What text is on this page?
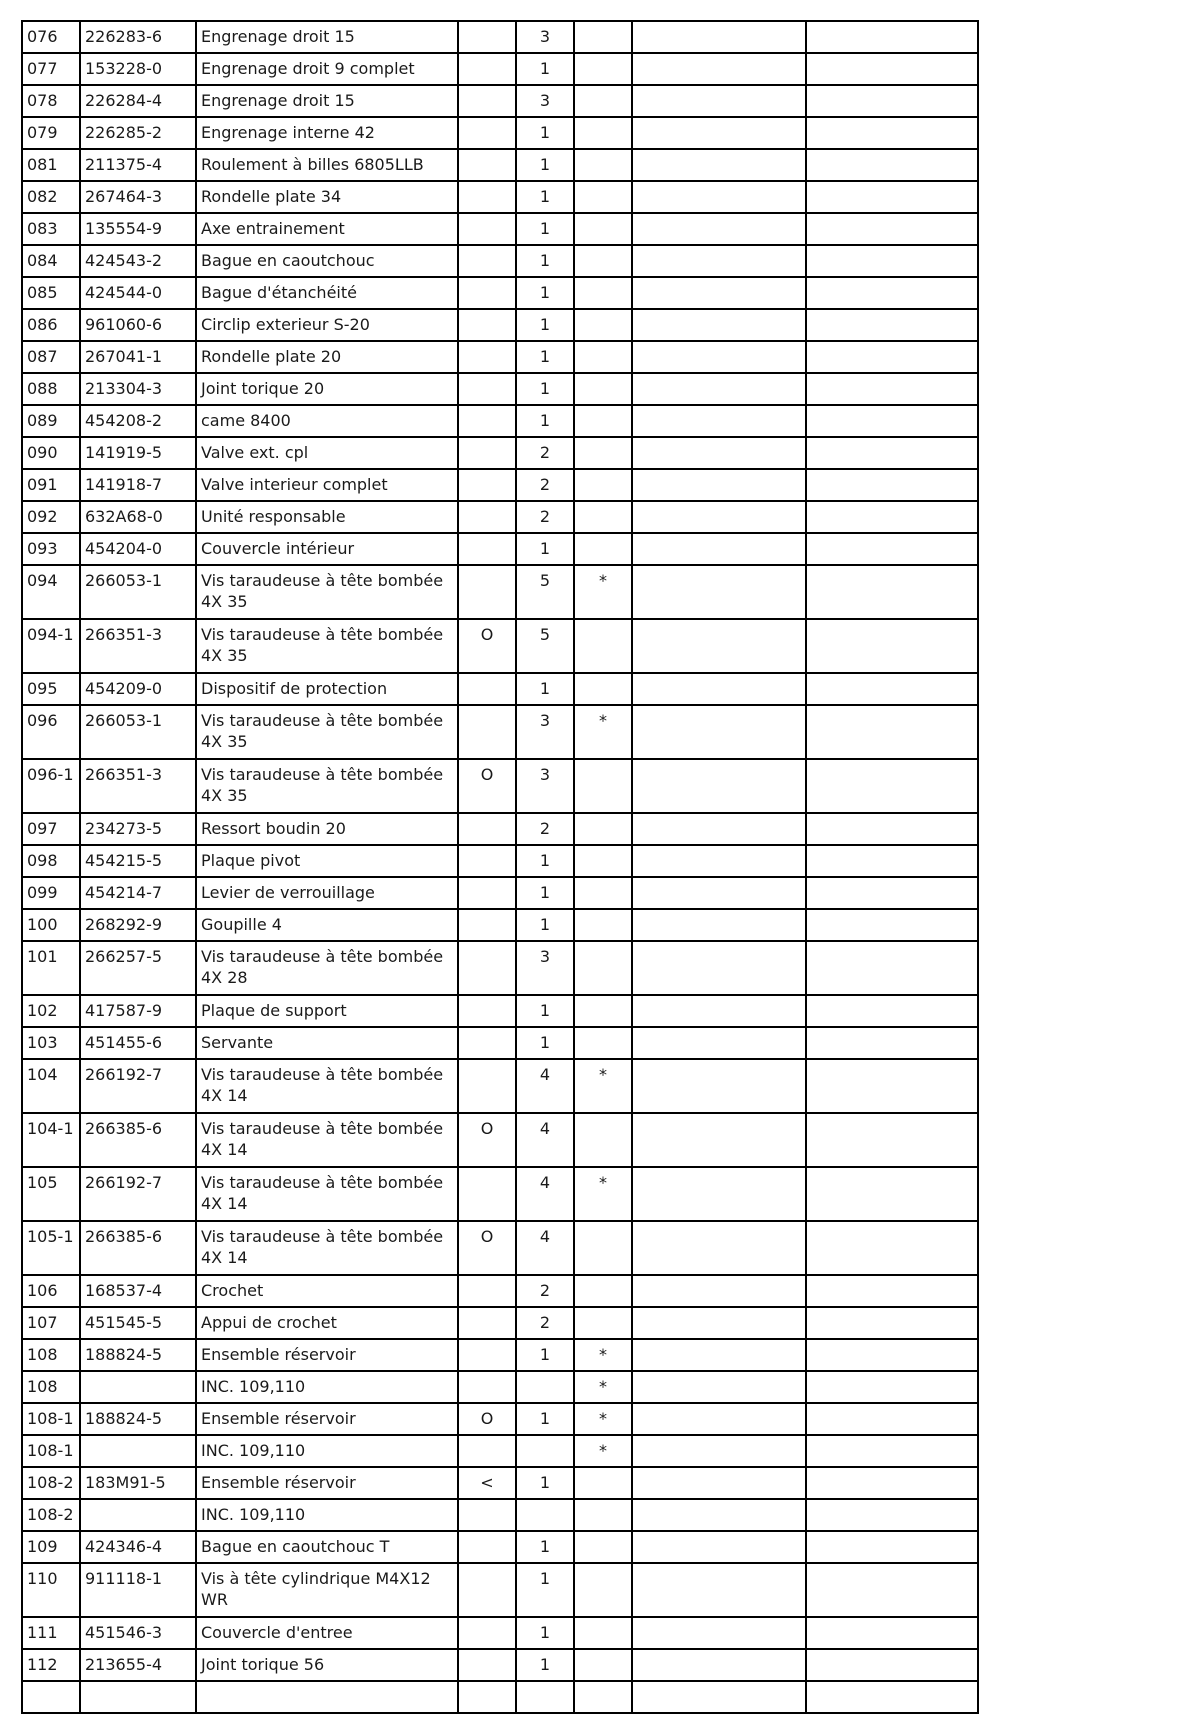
076	226283-6	Engrenage droit 15		3			
077	153228-0	Engrenage droit 9 complet		1			
078	226284-4	Engrenage droit 15		3			
079	226285-2	Engrenage interne 42		1			
081	211375-4	Roulement à billes 6805LLB		1			
082	267464-3	Rondelle plate 34		1			
083	135554-9	Axe entrainement		1			
084	424543-2	Bague en caoutchouc		1			
085	424544-0	Bague d'étanchéité		1			
086	961060-6	Circlip exterieur S-20		1			
087	267041-1	Rondelle plate 20		1			
088	213304-3	Joint torique 20		1			
089	454208-2	came 8400		1			
090	141919-5	Valve ext. cpl		2			
091	141918-7	Valve interieur complet		2			
092	632A68-0	Unité responsable		2			
093	454204-0	Couvercle intérieur		1			
094	266053-1	Vis taraudeuse à tête bombée 4X 35		5	*		
094-1	266351-3	Vis taraudeuse à tête bombée 4X 35	O	5			
095	454209-0	Dispositif de protection		1			
096	266053-1	Vis taraudeuse à tête bombée 4X 35		3	*		
096-1	266351-3	Vis taraudeuse à tête bombée 4X 35	O	3			
097	234273-5	Ressort boudin 20		2			
098	454215-5	Plaque pivot		1			
099	454214-7	Levier de verrouillage		1			
100	268292-9	Goupille 4		1			
101	266257-5	Vis taraudeuse à tête bombée 4X 28		3			
102	417587-9	Plaque de support		1			
103	451455-6	Servante		1			
104	266192-7	Vis taraudeuse à tête bombée 4X 14		4	*		
104-1	266385-6	Vis taraudeuse à tête bombée 4X 14	O	4			
105	266192-7	Vis taraudeuse à tête bombée 4X 14		4	*		
105-1	266385-6	Vis taraudeuse à tête bombée 4X 14	O	4			
106	168537-4	Crochet		2			
107	451545-5	Appui de crochet		2			
108	188824-5	Ensemble réservoir		1	*		
108		INC. 109,110			*		
108-1	188824-5	Ensemble réservoir	O	1	*		
108-1		INC. 109,110			*		
108-2	183M91-5	Ensemble réservoir	<	1			
108-2		INC. 109,110					
109	424346-4	Bague en caoutchouc T		1			
110	911118-1	Vis à tête cylindrique M4X12 WR		1			
111	451546-3	Couvercle d'entree		1			
112	213655-4	Joint torique 56		1			
